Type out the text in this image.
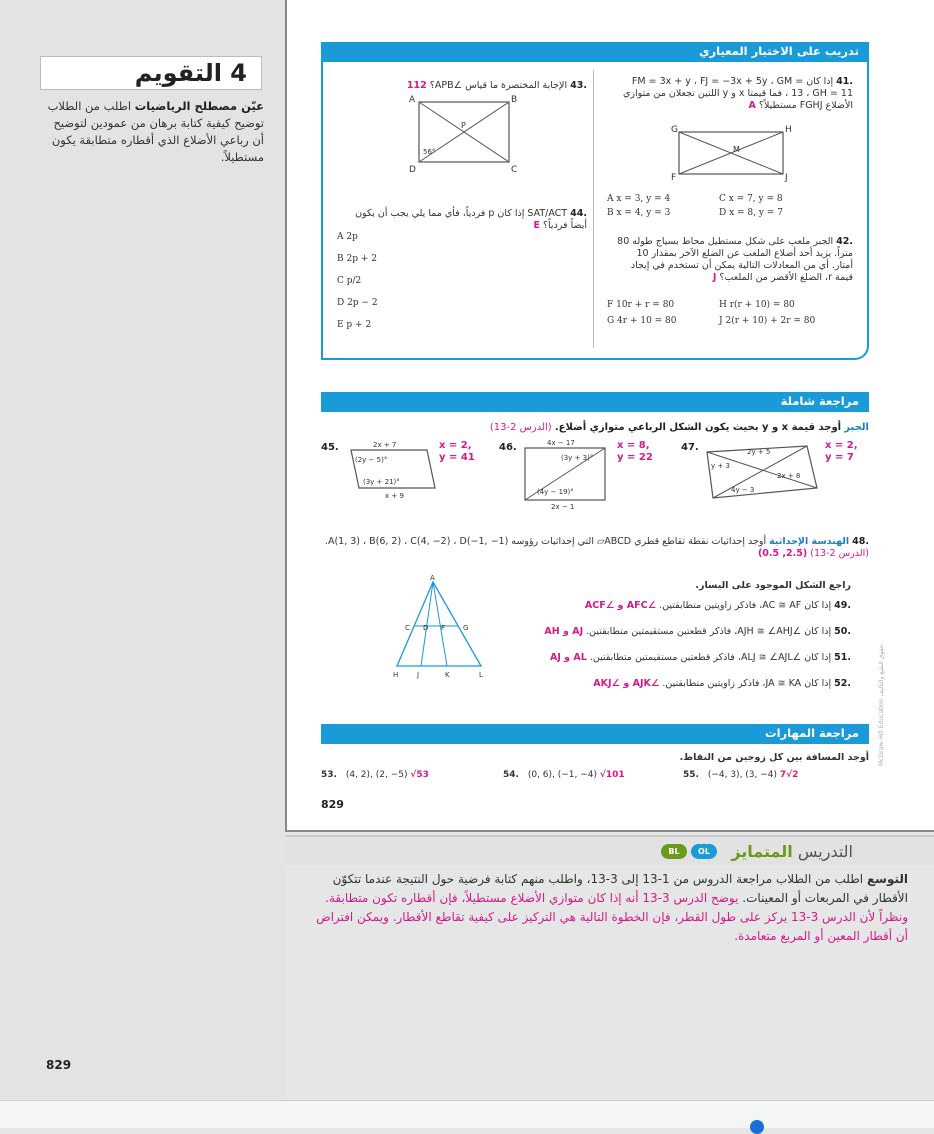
4 التقويم
عيّن مصطلح الرياضيات اطلب من الطلاب توضيح كيفية كتابة برهان من عمودين لتوضيح أن رباعي الأضلاع الذي أقطاره متطابقة يكون مستطيلاً.
829
تدريب على الاختبار المعياري
.41 إذا كان FM = 3x + y ، FJ = −3x + 5y ، GM = 13 ، GH = 11 ، فما قيمتا x و y اللتين تجعلان من متوازي الأضلاع FGHJ مستطيلاً؟ A
G	H
F	J
M
A x = 3, y = 4
B x = 4, y = 3
C x = 7, y = 8
D x = 8, y = 7
.42 الجبر ملعب على شكل مستطيل محاط بسياج طوله 80 متراً. يزيد أحد أضلاع الملعب عن الضلع الآخر بمقدار 10 أمتار. أي من المعادلات التالية يمكن أن تستخدم في إيجاد قيمة r، الضلع الأقصر من الملعب؟ J
F 10r + r = 80
G 4r + 10 = 80
H r(r + 10) = 80
J 2(r + 10) + 2r = 80
.43 الإجابة المختصرة ما قياس ∠APB؟ 112
A	B
P
D	C
56°
.44 SAT/ACT إذا كان p فردياً، فأي مما يلي يجب أن يكون أيضاً فردياً؟ E
A 2p
B 2p + 2
C p/2
D 2p − 2
E p + 2
مراجعة شاملة
الجبر أوجد قيمة x و y بحيث يكون الشكل الرباعي متوازي أضلاع. (الدرس 2-13)
45.	2x + 7
(2y − 5)°
(3y + 21)°
x + 9
x = 2,
y = 41
46.	4x − 17
(3y + 3)°
(4y − 19)°
2x − 1
x = 8,
y = 22
47.	2y + 5
y + 3
2x + 8
4y − 3
x = 2,
y = 7
.48 الهندسة الإحداثية أوجد إحداثيات نقطة تقاطع قطري ABCD▱ التي إحداثيات رؤوسه A(1, 3) ، B(6, 2) ، C(4, −2) ، D(−1, −1). (الدرس 2-13) (2.5, 0.5)
A
C D F	G
H	J	K	L
راجع الشكل الموجود على اليسار.
.49 إذا كان AC ≅ AF، فاذكر زاويتين متطابقتين. ∠AFC و ∠ACF
.50 إذا كان ∠AJH ≅ ∠AHJ، فاذكر قطعتين مستقيمتين متطابقتين. AJ و AH
.51 إذا كان ∠ALJ ≅ ∠AJL، فاذكر قطعتين مستقيمتين متطابقتين. AL و AJ
.52 إذا كان JA ≅ KA، فاذكر زاويتين متطابقتين. ∠AJK و ∠AKJ
مراجعة المهارات
أوجد المسافة بين كل زوجين من النقاط.
53. (4, 2), (2, −5) √53	54. (0, 6), (−1, −4) √101	55. (−4, 3), (3, −4) 7√2
829
McGraw-Hill Education حقوق الطبع والتأليف
التدريس المتمايز
OL
BL
التوسع اطلب من الطلاب مراجعة الدروس من 1-13 إلى 3-13، واطلب منهم كتابة فرضية حول النتيجة عندما تتكوّن الأقطار في المربعات أو المعينات. يوضح الدرس 3-13 أنه إذا كان متوازي الأضلاع مستطيلاً، فإن أقطاره تكون متطابقة. ونظراً لأن الدرس 3-13 يركز على طول القطر، فإن الخطوة التالية هي التركيز على كيفية تقاطع الأقطار. ويمكن افتراض أن أقطار المعين أو المربع متعامدة.
